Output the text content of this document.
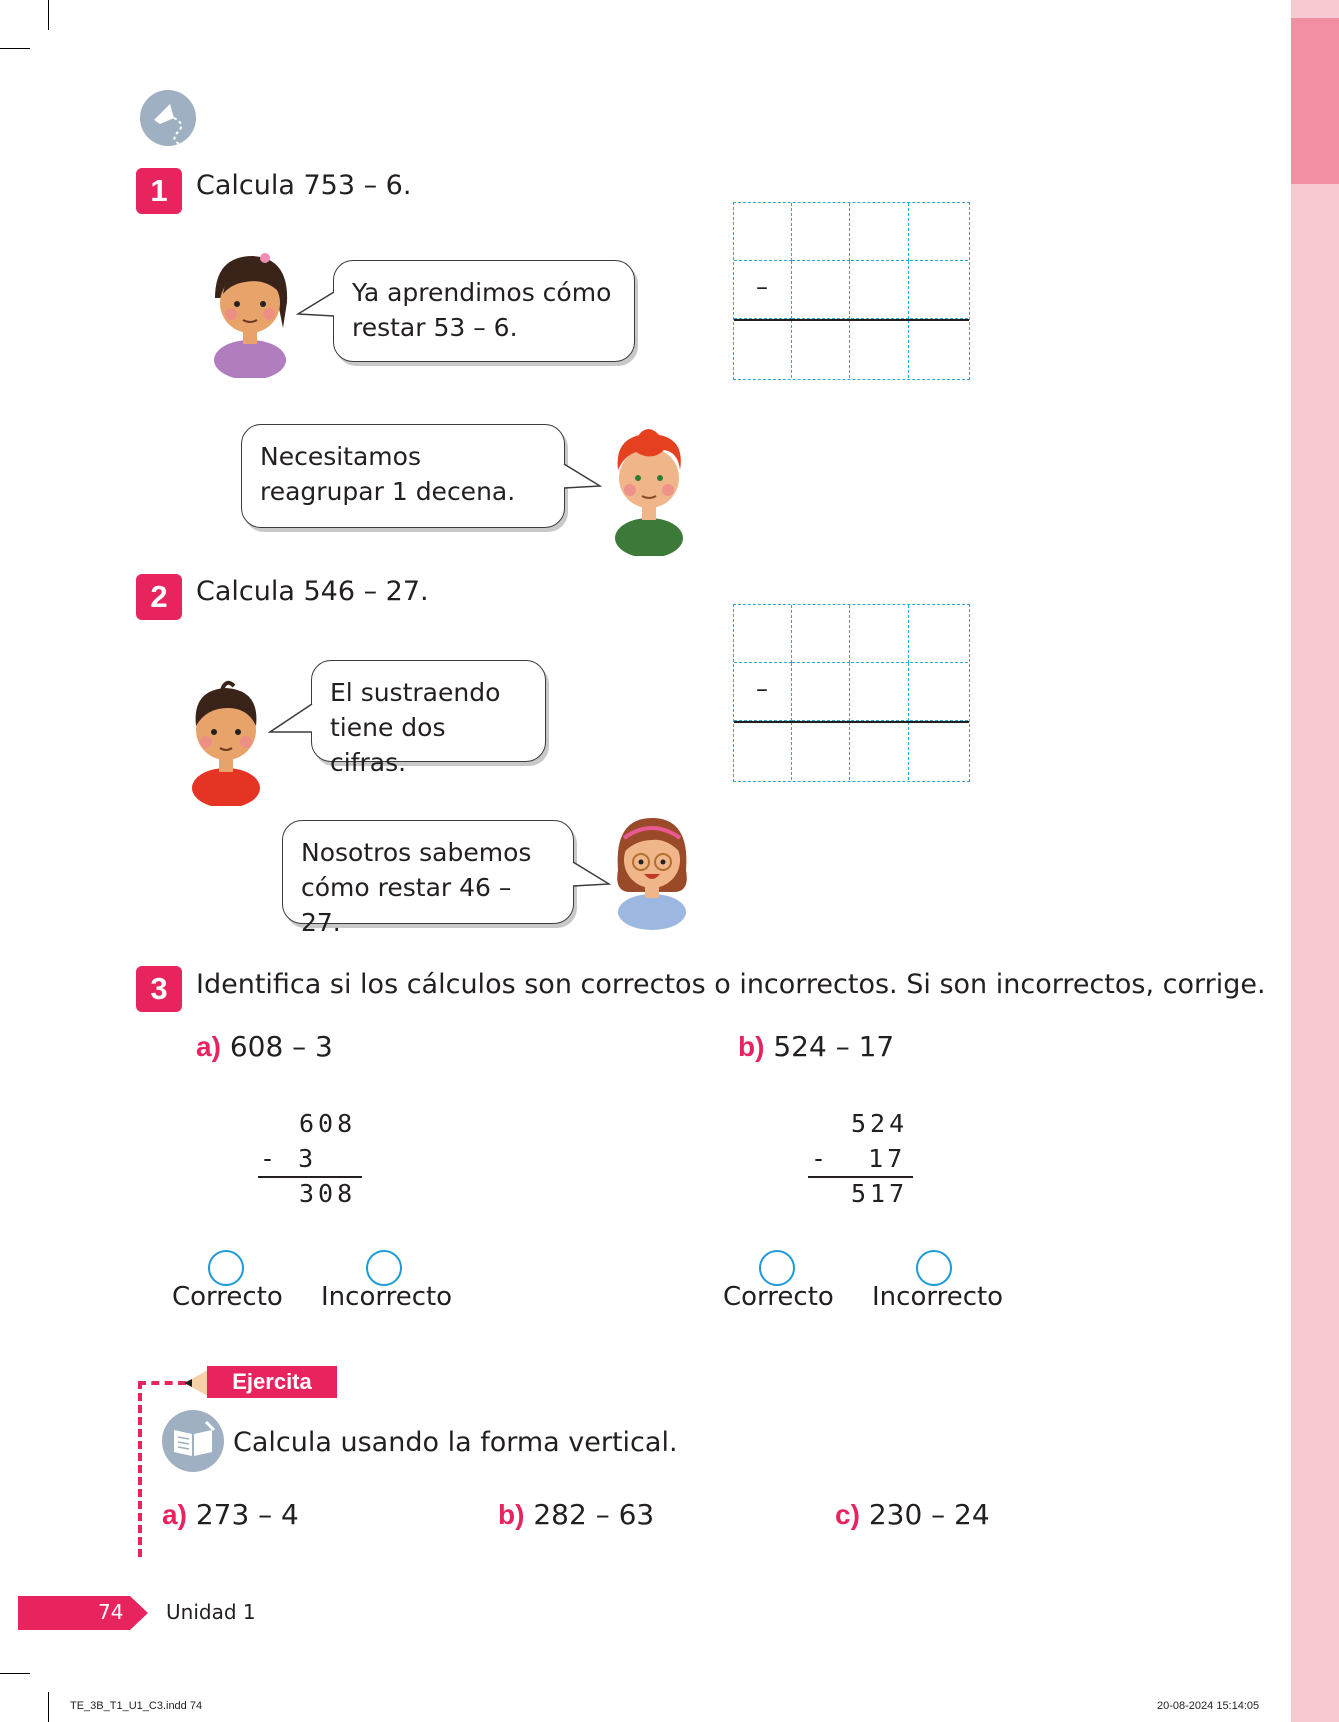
1	Calcula 753 – 6.
Ya aprendimos cómo restar 53 – 6.
–
Necesitamos reagrupar 1 decena.
2	Calcula 546 – 27.
El sustraendo tiene dos cifras.
–
Nosotros sabemos cómo restar 46 – 27.
3	Identifica si los cálculos son correctos o incorrectos. Si son incorrectos, corrige.
a) 608 – 3
608
- 3
308
Correcto Incorrecto
b) 524 – 17
524
-  17
517
Correcto Incorrecto
Ejercita
Calcula usando la forma vertical.
a) 273 – 4	b) 282 – 63	c) 230 – 24
74 Unidad 1
TE_3B_T1_U1_C3.indd 74	20-08-2024 15:14:05
